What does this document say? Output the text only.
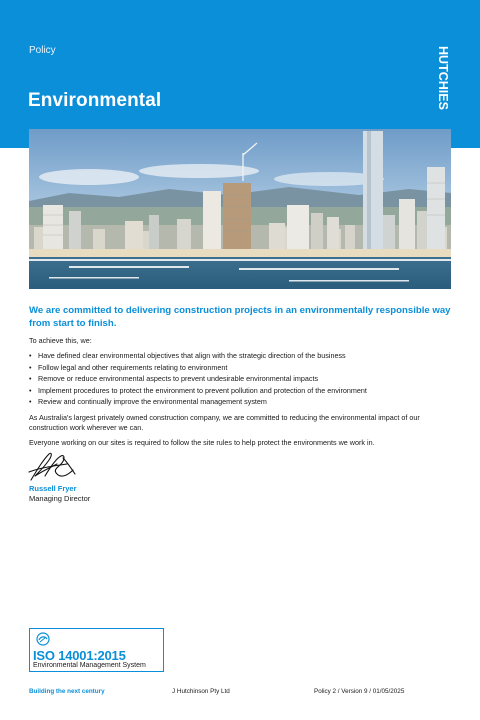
Policy
Environmental	HUTCHIES
We are committed to delivering construction projects in an environmentally responsible way from start to finish.
To achieve this, we:
• Have defined clear environmental objectives that align with the strategic direction of the business
• Follow legal and other requirements relating to environment
• Remove or reduce environmental aspects to prevent undesirable environmental impacts
• Implement procedures to protect the environment to prevent pollution and protection of the environment
• Review and continually improve the environmental management system
As Australia's largest privately owned construction company, we are committed to reducing the environmental impact of our construction work wherever we can.
Everyone working on our sites is required to follow the site rules to help protect the environments we work in.
Russell Fryer
Managing Director
ISO 14001:2015
Environmental Management System
Building the next century	J Hutchinson Pty Ltd	Policy 2 / Version 9 / 01/05/2025
